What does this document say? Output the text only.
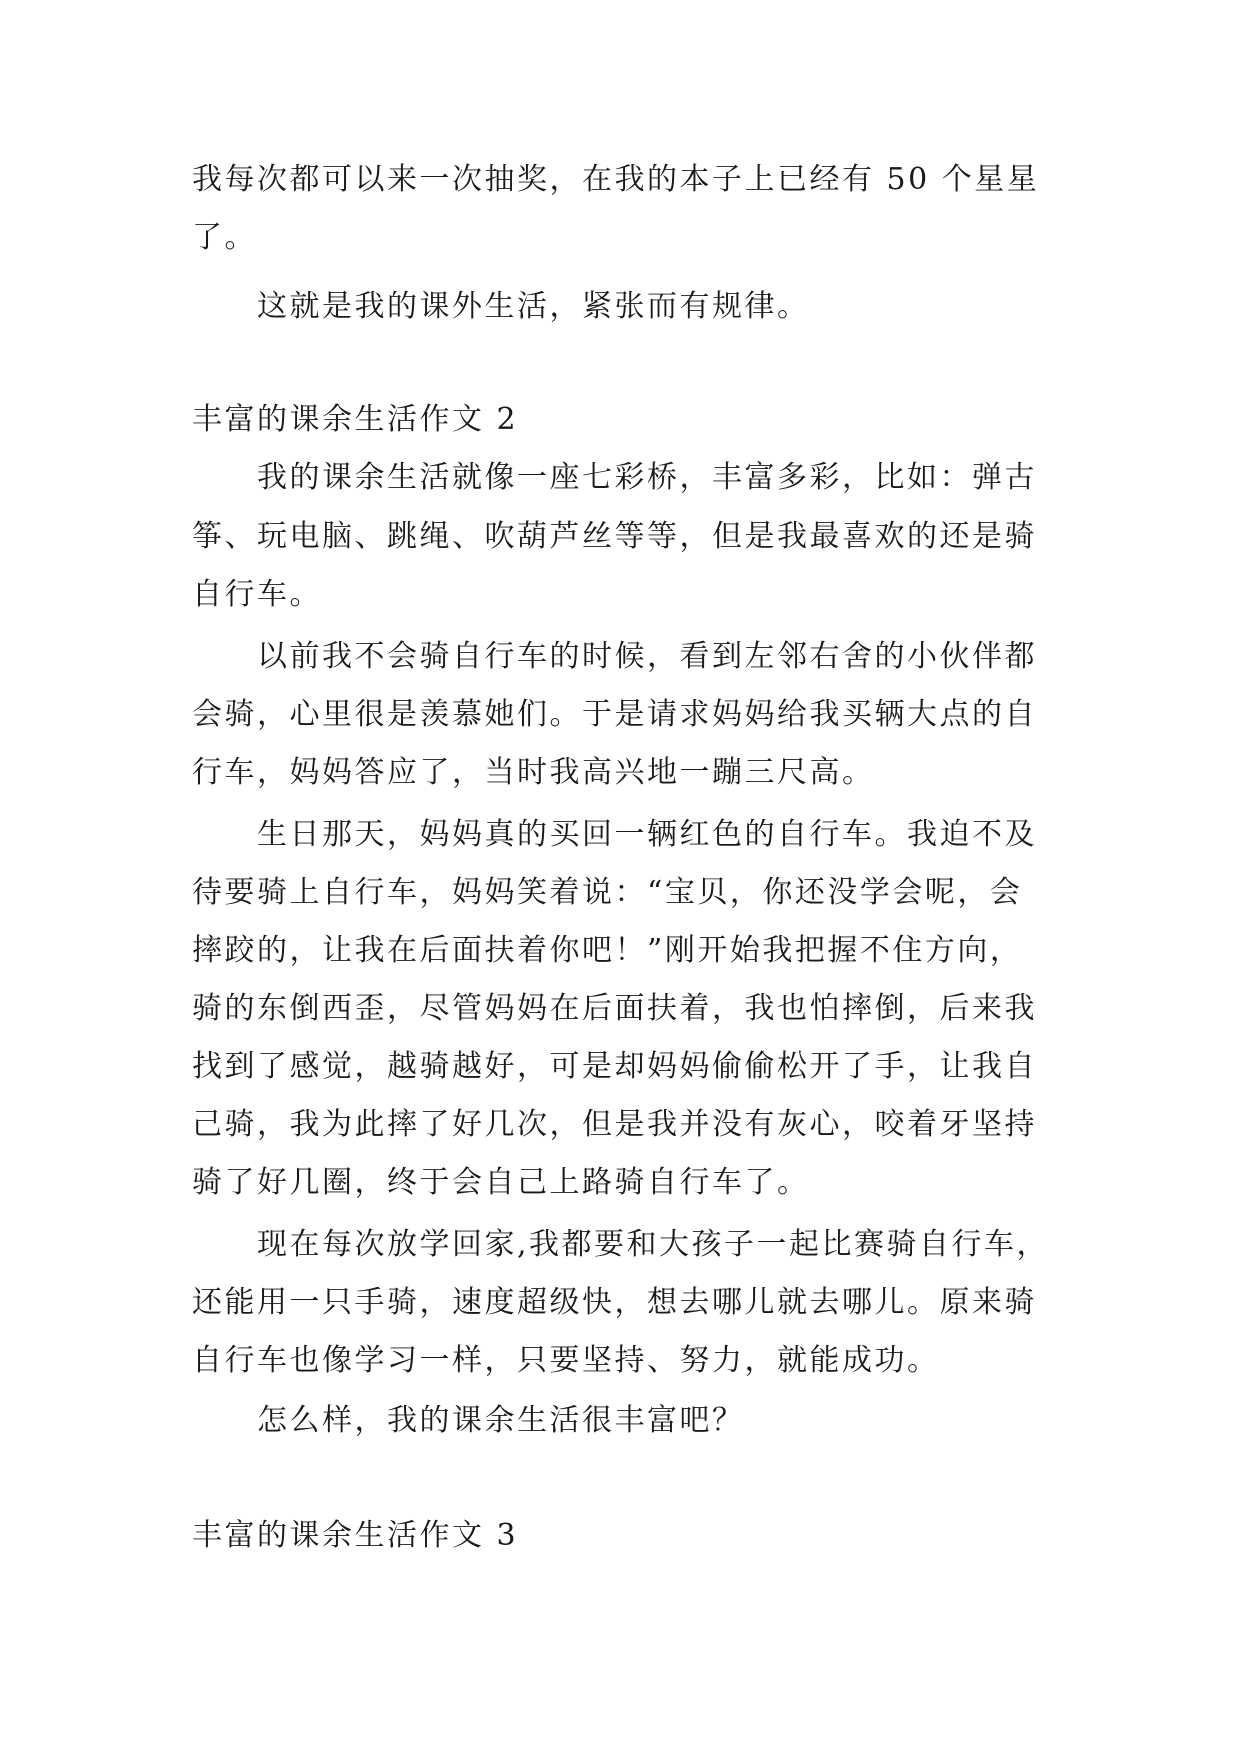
我每次都可以来一次抽奖，在我的本子上已经有 50 个星星
了。
这就是我的课外生活，紧张而有规律。
丰富的课余生活作文 2
我的课余生活就像一座七彩桥，丰富多彩，比如：弹古
筝、玩电脑、跳绳、吹葫芦丝等等，但是我最喜欢的还是骑
自行车。
以前我不会骑自行车的时候，看到左邻右舍的小伙伴都
会骑，心里很是羡慕她们。于是请求妈妈给我买辆大点的自
行车，妈妈答应了，当时我高兴地一蹦三尺高。
生日那天，妈妈真的买回一辆红色的自行车。我迫不及
待要骑上自行车，妈妈笑着说：“宝贝，你还没学会呢，会
摔跤的，让我在后面扶着你吧！”刚开始我把握不住方向，
骑的东倒西歪，尽管妈妈在后面扶着，我也怕摔倒，后来我
找到了感觉，越骑越好，可是却妈妈偷偷松开了手，让我自
己骑，我为此摔了好几次，但是我并没有灰心，咬着牙坚持
骑了好几圈，终于会自己上路骑自行车了。
现在每次放学回家,我都要和大孩子一起比赛骑自行车，
还能用一只手骑，速度超级快，想去哪儿就去哪儿。原来骑
自行车也像学习一样，只要坚持、努力，就能成功。
怎么样，我的课余生活很丰富吧？
丰富的课余生活作文 3
